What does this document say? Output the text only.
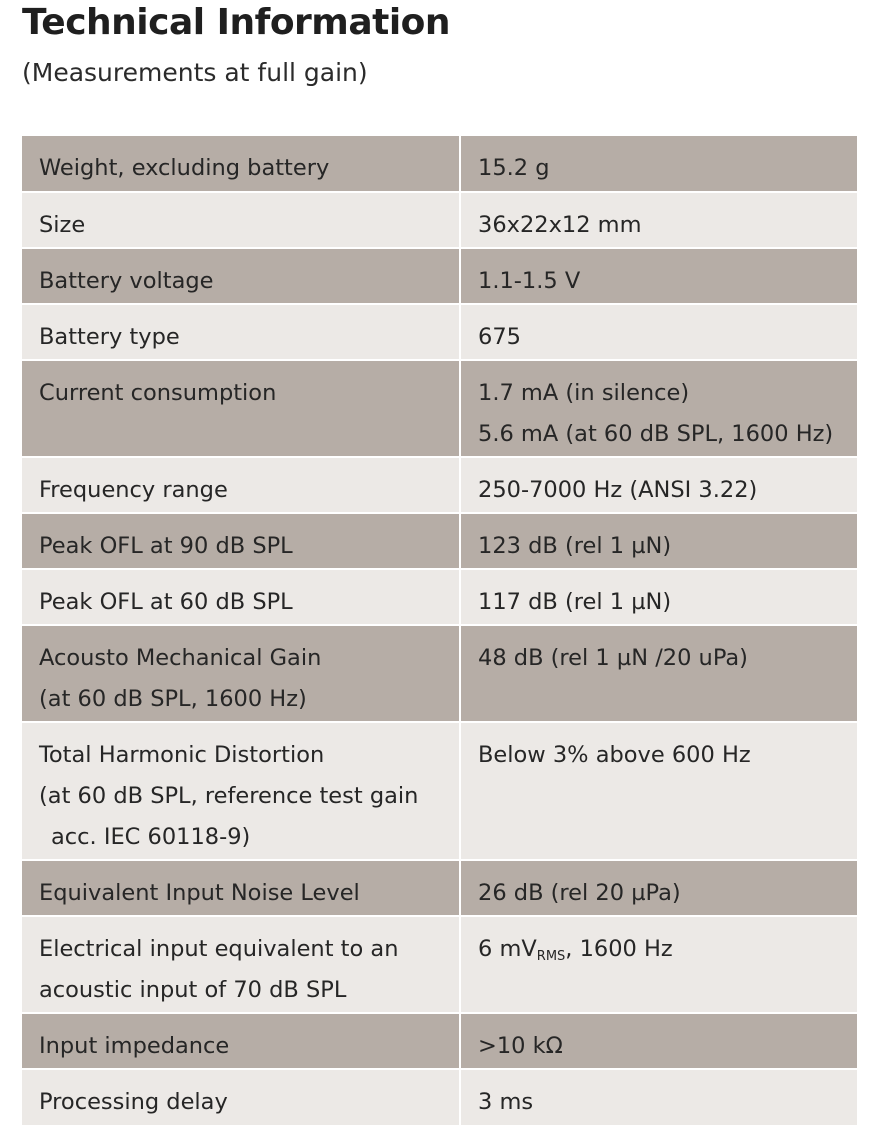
Technical Information
(Measurements at full gain)
Weight, excluding battery	15.2 g

Size	36x22x12 mm

Battery voltage	1.1-1.5 V

Battery type	675

Current consumption	1.7 mA (in silence)
5.6 mA (at 60 dB SPL, 1600 Hz)

Frequency range	250-7000 Hz (ANSI 3.22)

Peak OFL at 90 dB SPL	123 dB (rel 1 µN)

Peak OFL at 60 dB SPL	117 dB (rel 1 µN)

Acousto Mechanical Gain
(at 60 dB SPL, 1600 Hz)	48 dB (rel 1 µN /20 uPa)

Total Harmonic Distortion
(at 60 dB SPL, reference test gain
acc. IEC 60118-9)	Below 3% above 600 Hz

Equivalent Input Noise Level	26 dB (rel 20 µPa)

Electrical input equivalent to an
acoustic input of 70 dB SPL	6 $mV_{RMS}$, 1600 Hz

Input impedance	>10 kΩ

Processing delay	3 ms
